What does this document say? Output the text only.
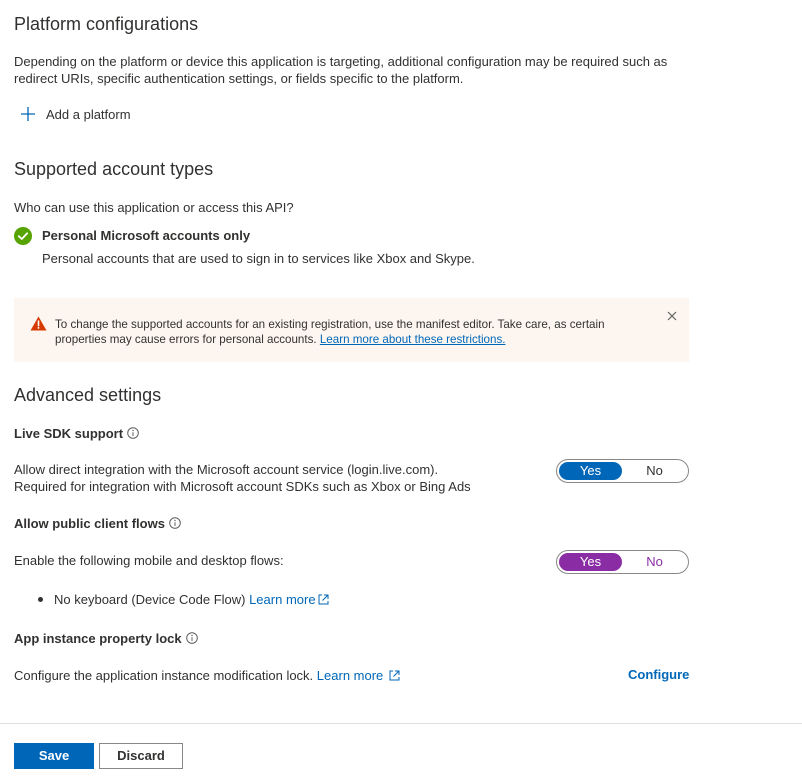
Platform configurations
Depending on the platform or device this application is targeting, additional configuration may be required such as
redirect URIs, specific authentication settings, or fields specific to the platform.
Add a platform
Supported account types
Who can use this application or access this API?
Personal Microsoft accounts only
Personal accounts that are used to sign in to services like Xbox and Skype.
To change the supported accounts for an existing registration, use the manifest editor. Take care, as certain
properties may cause errors for personal accounts. Learn more about these restrictions.
Advanced settings
Live SDK support
Allow direct integration with the Microsoft account service (login.live.com).
Required for integration with Microsoft account SDKs such as Xbox or Bing Ads
Yes	No
Allow public client flows
Enable the following mobile and desktop flows:	Yes	No
No keyboard (Device Code Flow) Learn more
App instance property lock
Configure the application instance modification lock. Learn more	Configure
Save	Discard
